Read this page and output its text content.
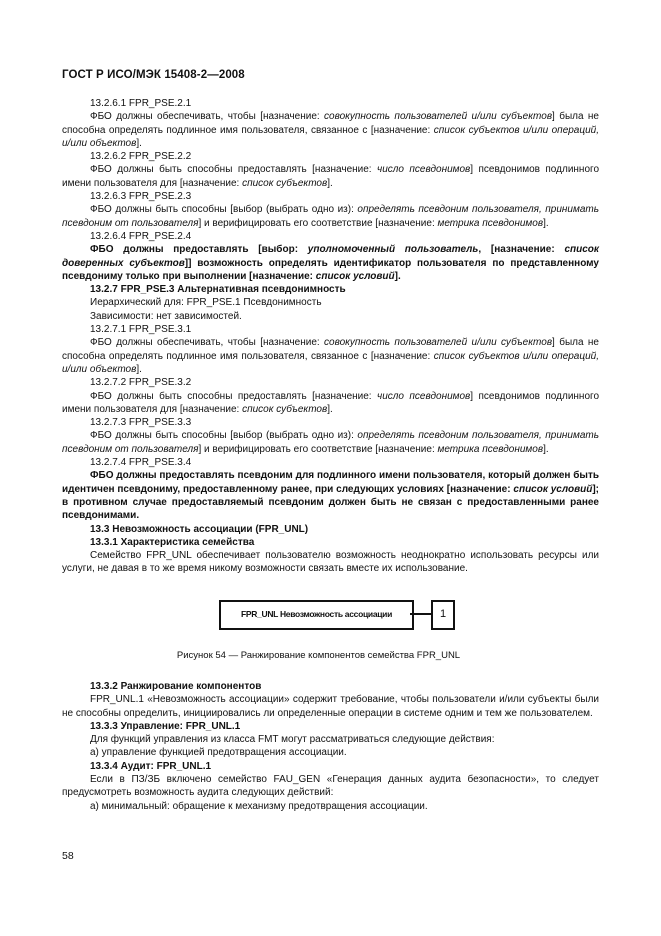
ГОСТ Р ИСО/МЭК 15408-2—2008

13.2.6.1 FPR_PSE.2.1

ФБО должны обеспечивать, чтобы [назначение: совокупность пользователей и/или субъектов] была не способна определять подлинное имя пользователя, связанное с [назначение: список субъектов и/или операций, и/или объектов].

13.2.6.2 FPR_PSE.2.2

ФБО должны быть способны предоставлять [назначение: число псевдонимов] псевдонимов подлинного имени пользователя для [назначение: список субъектов].

13.2.6.3 FPR_PSE.2.3

ФБО должны быть способны [выбор (выбрать одно из): определять псевдоним пользователя, принимать псевдоним от пользователя] и верифицировать его соответствие [назначение: метрика псевдонимов].

13.2.6.4 FPR_PSE.2.4

ФБО должны предоставлять [выбор: уполномоченный пользователь, [назначение: список доверенных субъектов]] возможность определять идентификатор пользователя по представленному псевдониму только при выполнении [назначение: список условий].

13.2.7 FPR_PSE.3 Альтернативная псевдонимность

Иерархический для: FPR_PSE.1 Псевдонимность

Зависимости: нет зависимостей.

13.2.7.1 FPR_PSE.3.1

ФБО должны обеспечивать, чтобы [назначение: совокупность пользователей и/или субъектов] была не способна определять подлинное имя пользователя, связанное с [назначение: список субъектов и/или операций, и/или объектов].

13.2.7.2 FPR_PSE.3.2

ФБО должны быть способны предоставлять [назначение: число псевдонимов] псевдонимов подлинного имени пользователя для [назначение: список субъектов].

13.2.7.3 FPR_PSE.3.3

ФБО должны быть способны [выбор (выбрать одно из): определять псевдоним пользователя, принимать псевдоним от пользователя] и верифицировать его соответствие [назначение: метрика псевдонимов].

13.2.7.4 FPR_PSE.3.4

ФБО должны предоставлять псевдоним для подлинного имени пользователя, который должен быть идентичен псевдониму, предоставленному ранее, при следующих условиях [назначение: список условий]; в противном случае предоставляемый псевдоним должен быть не связан с предоставленными ранее псевдонимами.

13.3 Невозможность ассоциации (FPR_UNL)

13.3.1 Характеристика семейства

Семейство FPR_UNL обеспечивает пользователю возможность неоднократно использовать ресурсы или услуги, не давая в то же время никому возможности связать вместе их использование.

FPR_UNL Невозможность ассоциации	1

Рисунок 54 — Ранжирование компонентов семейства FPR_UNL

13.3.2 Ранжирование компонентов

FPR_UNL.1 «Невозможность ассоциации» содержит требование, чтобы пользователи и/или субъекты были не способны определить, инициировались ли определенные операции в системе одним и тем же пользователем.

13.3.3 Управление: FPR_UNL.1

Для функций управления из класса FMT могут рассматриваться следующие действия:

а) управление функцией предотвращения ассоциации.

13.3.4 Аудит: FPR_UNL.1

Если в ПЗ/ЗБ включено семейство FAU_GEN «Генерация данных аудита безопасности», то следует предусмотреть возможность аудита следующих действий:

а) минимальный: обращение к механизму предотвращения ассоциации.

58
